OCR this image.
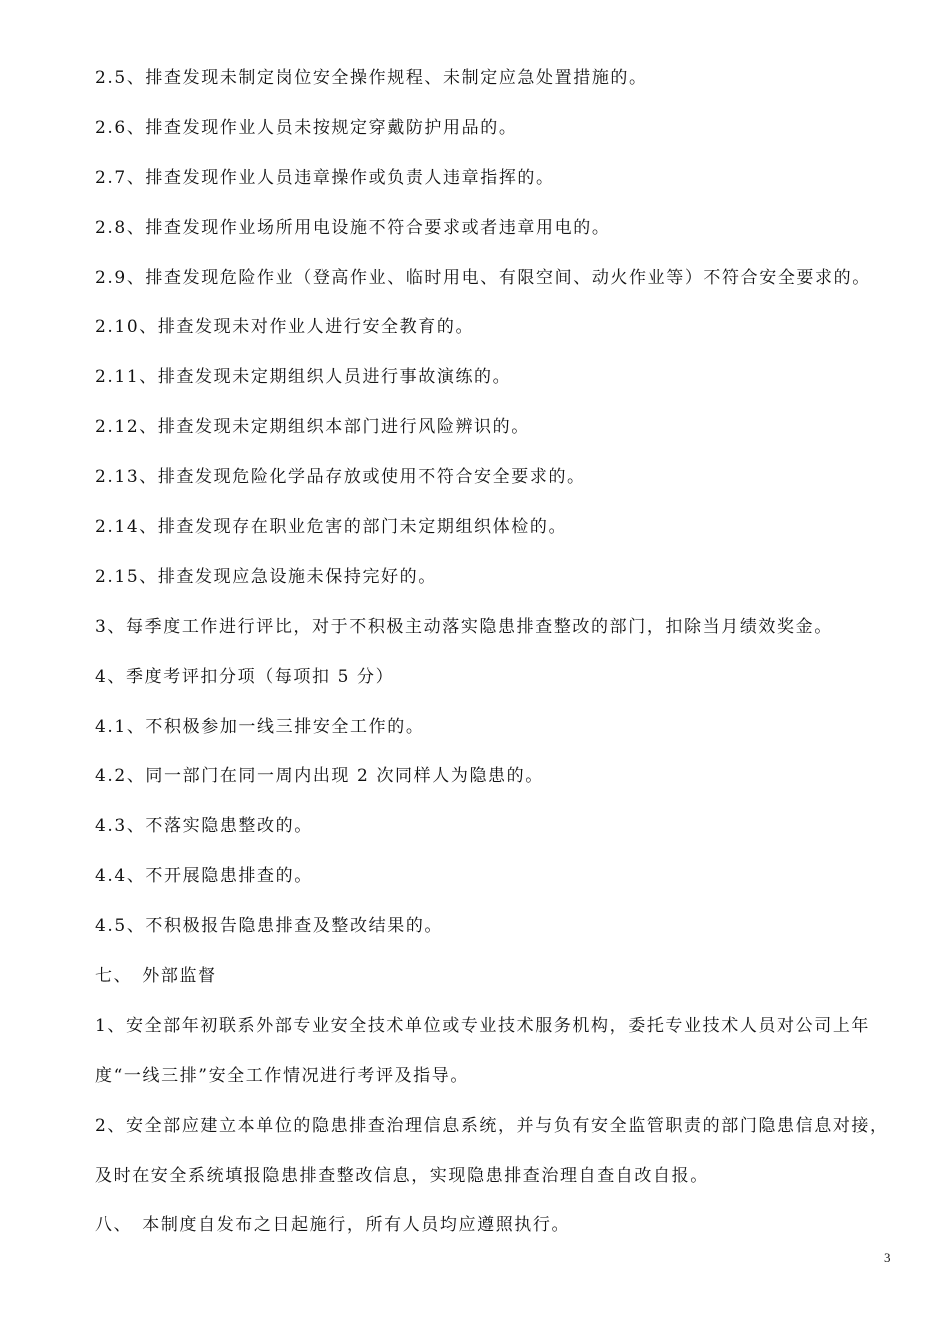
2.5、排查发现未制定岗位安全操作规程、未制定应急处置措施的。
2.6、排查发现作业人员未按规定穿戴防护用品的。
2.7、排查发现作业人员违章操作或负责人违章指挥的。
2.8、排查发现作业场所用电设施不符合要求或者违章用电的。
2.9、排查发现危险作业（登高作业、临时用电、有限空间、动火作业等）不符合安全要求的。
2.10、排查发现未对作业人进行安全教育的。
2.11、排查发现未定期组织人员进行事故演练的。
2.12、排查发现未定期组织本部门进行风险辨识的。
2.13、排查发现危险化学品存放或使用不符合安全要求的。
2.14、排查发现存在职业危害的部门未定期组织体检的。
2.15、排查发现应急设施未保持完好的。
3、每季度工作进行评比，对于不积极主动落实隐患排查整改的部门，扣除当月绩效奖金。
4、季度考评扣分项（每项扣 5 分）
4.1、不积极参加一线三排安全工作的。
4.2、同一部门在同一周内出现 2 次同样人为隐患的。
4.3、不落实隐患整改的。
4.4、不开展隐患排查的。
4.5、不积极报告隐患排查及整改结果的。
七、　外部监督
1、安全部年初联系外部专业安全技术单位或专业技术服务机构，委托专业技术人员对公司上年
度“一线三排”安全工作情况进行考评及指导。
2、安全部应建立本单位的隐患排查治理信息系统，并与负有安全监管职责的部门隐患信息对接，
及时在安全系统填报隐患排查整改信息，实现隐患排查治理自查自改自报。
八、　本制度自发布之日起施行，所有人员均应遵照执行。
3
